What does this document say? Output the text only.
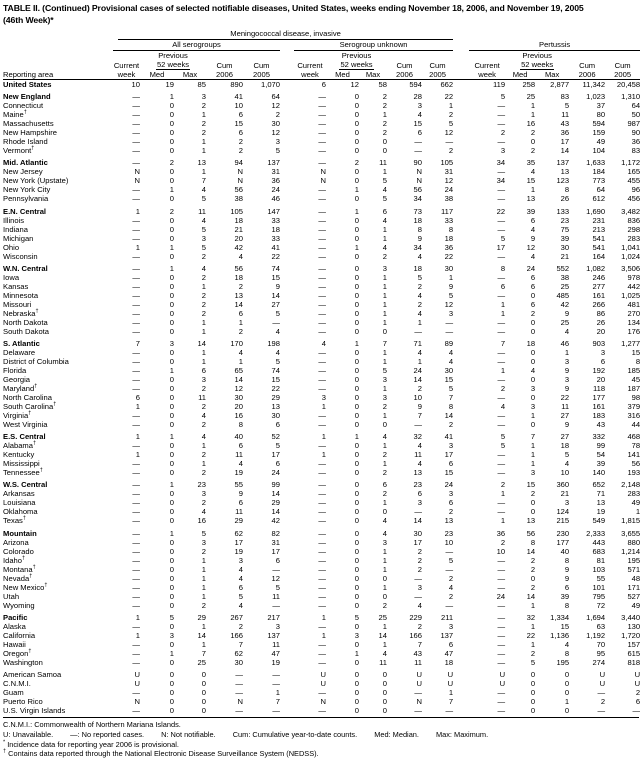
TABLE II. (Continued) Provisional cases of selected notifiable diseases, United States, weeks ending November 18, 2006, and November 19, 2005
(46th Week)*
Reporting area	Meningococcal disease, invasive														

	All serogroups					Serogroup unknown					Pertussis				

		Previous					Previous					Previous			
	Current	52 weeks		Cum	Cum	Current	52 weeks		Cum	Cum	Current	52 weeks		Cum	Cum
	week	Med	Max	2006	2005	week	Med	Max	2006	2005	week	Med	Max	2006	2005
United States	10	19	85	890	1,070	6	12	58	594	662	119	258	2,877	11,342	20,458

New England	—	1	3	41	64	—	0	2	28	22	5	25	83	1,023	1,310
Connecticut	—	0	2	10	12	—	0	2	3	1	—	1	5	37	64
Maine†	—	0	1	6	2	—	0	1	4	2	—	1	11	80	50
Massachusetts	—	0	2	15	30	—	0	2	15	5	—	16	43	594	987
New Hampshire	—	0	2	6	12	—	0	2	6	12	2	2	36	159	90
Rhode Island	—	0	1	2	3	—	0	0	—	—	—	0	17	49	36
Vermont†	—	0	1	2	5	—	0	0	—	2	3	2	14	104	83

Mid. Atlantic	—	2	13	94	137	—	2	11	90	105	34	35	137	1,633	1,172
New Jersey	N	0	1	N	31	N	0	1	N	31	—	4	13	184	165
New York (Upstate)	N	0	7	N	36	N	0	5	N	12	34	15	123	773	455
New York City	—	1	4	56	24	—	1	4	56	24	—	1	8	64	96
Pennsylvania	—	0	5	38	46	—	0	5	34	38	—	13	26	612	456

E.N. Central	1	2	11	105	147	—	1	6	73	117	22	39	133	1,690	3,482
Illinois	—	0	4	18	33	—	0	4	18	33	—	6	23	231	836
Indiana	—	0	5	21	18	—	0	1	8	8	—	4	75	213	298
Michigan	—	0	3	20	33	—	0	1	9	18	5	9	39	541	283
Ohio	1	1	5	42	41	—	1	4	34	36	17	12	30	541	1,041
Wisconsin	—	0	2	4	22	—	0	2	4	22	—	4	21	164	1,024

W.N. Central	—	1	4	56	74	—	0	3	18	30	8	24	552	1,082	3,506
Iowa	—	0	2	18	15	—	0	1	5	1	—	6	38	246	978
Kansas	—	0	1	2	9	—	0	1	2	9	6	6	25	277	442
Minnesota	—	0	2	13	14	—	0	1	4	5	—	0	485	161	1,025
Missouri	—	0	2	14	27	—	0	1	2	12	1	6	42	266	481
Nebraska†	—	0	2	6	5	—	0	1	4	3	1	2	9	86	270
North Dakota	—	0	1	1	—	—	0	1	1	—	—	0	25	26	134
South Dakota	—	0	1	2	4	—	0	0	—	—	—	0	4	20	176

S. Atlantic	7	3	14	170	198	4	1	7	71	89	7	18	46	903	1,277
Delaware	—	0	1	4	4	—	0	1	4	4	—	0	1	3	15
District of Columbia	—	0	1	1	5	—	0	1	1	4	—	0	3	6	8
Florida	—	1	6	65	74	—	0	5	24	30	1	4	9	192	185
Georgia	—	0	3	14	15	—	0	3	14	15	—	0	3	20	45
Maryland†	—	0	2	12	22	—	0	1	2	5	2	3	9	118	187
North Carolina	6	0	11	30	29	3	0	3	10	7	—	0	22	177	98
South Carolina†	1	0	2	20	13	1	0	2	9	8	4	3	11	161	379
Virginia†	—	0	4	16	30	—	0	1	7	14	—	1	27	183	316
West Virginia	—	0	2	8	6	—	0	0	—	2	—	0	9	43	44

E.S. Central	1	1	4	40	52	1	1	4	32	41	5	7	27	332	468
Alabama†	—	0	1	6	5	—	0	1	4	3	5	1	18	99	78
Kentucky	1	0	2	11	17	1	0	2	11	17	—	1	5	54	141
Mississippi	—	0	1	4	6	—	0	1	4	6	—	1	4	39	56
Tennessee†	—	0	2	19	24	—	0	2	13	15	—	3	10	140	193

W.S. Central	—	1	23	55	99	—	0	6	23	24	2	15	360	652	2,148
Arkansas	—	0	3	9	14	—	0	2	6	3	1	2	21	71	283
Louisiana	—	0	2	6	29	—	0	1	3	6	—	0	3	13	49
Oklahoma	—	0	4	11	14	—	0	0	—	2	—	0	124	19	1
Texas†	—	0	16	29	42	—	0	4	14	13	1	13	215	549	1,815

Mountain	—	1	5	62	82	—	0	4	30	23	36	56	230	2,333	3,655
Arizona	—	0	3	17	31	—	0	3	17	10	2	8	177	443	880
Colorado	—	0	2	19	17	—	0	1	2	—	10	14	40	683	1,214
Idaho†	—	0	1	3	6	—	0	1	2	5	—	2	8	81	195
Montana†	—	0	1	4	—	—	0	1	2	—	—	2	9	103	571
Nevada†	—	0	1	4	12	—	0	0	—	2	—	0	9	55	48
New Mexico†	—	0	1	6	5	—	0	1	3	4	—	2	6	101	171
Utah	—	0	1	5	11	—	0	0	—	2	24	14	39	795	527
Wyoming	—	0	2	4	—	—	0	2	4	—	—	1	8	72	49

Pacific	1	5	29	267	217	1	5	25	229	211	—	32	1,334	1,694	3,440
Alaska	—	0	1	2	3	—	0	1	2	3	—	1	15	63	130
California	1	3	14	166	137	1	3	14	166	137	—	22	1,136	1,192	1,720
Hawaii	—	0	1	7	11	—	0	1	7	6	—	1	4	70	157
Oregon†	—	1	7	62	47	—	1	4	43	47	—	2	8	95	615
Washington	—	0	25	30	19	—	0	11	11	18	—	5	195	274	818

American Samoa	U	0	0	—	—	U	0	0	U	U	U	0	0	U	U
C.N.M.I.	U	0	0	—	—	U	0	0	U	U	U	0	0	U	U
Guam	—	0	0	—	1	—	0	0	—	1	—	0	0	—	2
Puerto Rico	N	0	0	N	7	N	0	0	N	7	—	0	1	2	6
U.S. Virgin Islands	—	0	0	—	—	—	0	0	—	—	—	0	0	—	—
C.N.M.I.: Commonwealth of Northern Mariana Islands.
U: Unavailable. —: No reported cases. N: Not notifiable. Cum: Cumulative year-to-date counts. Med: Median. Max: Maximum.
* Incidence data for reporting year 2006 is provisional.
† Contains data reported through the National Electronic Disease Surveillance System (NEDSS).
